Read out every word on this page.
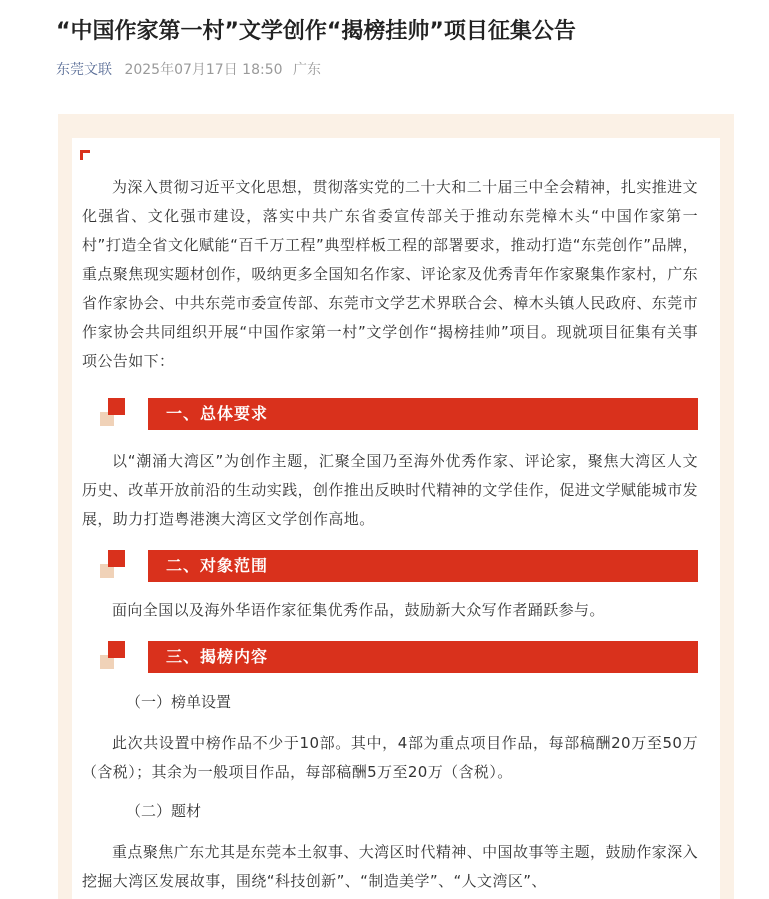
“中国作家第一村”文学创作“揭榜挂帅”项目征集公告
东莞文联 2025年07月17日 18:50 广东

为深入贯彻习近平文化思想，贯彻落实党的二十大和二十届三中全会精神，扎实推进文化强省、文化强市建设，落实中共广东省委宣传部关于推动东莞樟木头“中国作家第一村”打造全省文化赋能“百千万工程”典型样板工程的部署要求，推动打造“东莞创作”品牌，重点聚焦现实题材创作，吸纳更多全国知名作家、评论家及优秀青年作家聚集作家村，广东省作家协会、中共东莞市委宣传部、东莞市文学艺术界联合会、樟木头镇人民政府、东莞市作家协会共同组织开展“中国作家第一村”文学创作“揭榜挂帅”项目。现就项目征集有关事项公告如下：

一、总体要求

以“潮涌大湾区”为创作主题，汇聚全国乃至海外优秀作家、评论家，聚焦大湾区人文历史、改革开放前沿的生动实践，创作推出反映时代精神的文学佳作，促进文学赋能城市发展，助力打造粤港澳大湾区文学创作高地。

二、对象范围

面向全国以及海外华语作家征集优秀作品，鼓励新大众写作者踊跃参与。

三、揭榜内容
（一）榜单设置

此次共设置中榜作品不少于10部。其中，4部为重点项目作品，每部稿酬20万至50万（含税）；其余为一般项目作品，每部稿酬5万至20万（含税）。

（二）题材

重点聚焦广东尤其是东莞本土叙事、大湾区时代精神、中国故事等主题，鼓励作家深入挖掘大湾区发展故事，围绕“科技创新”、“制造美学”、“人文湾区”、
